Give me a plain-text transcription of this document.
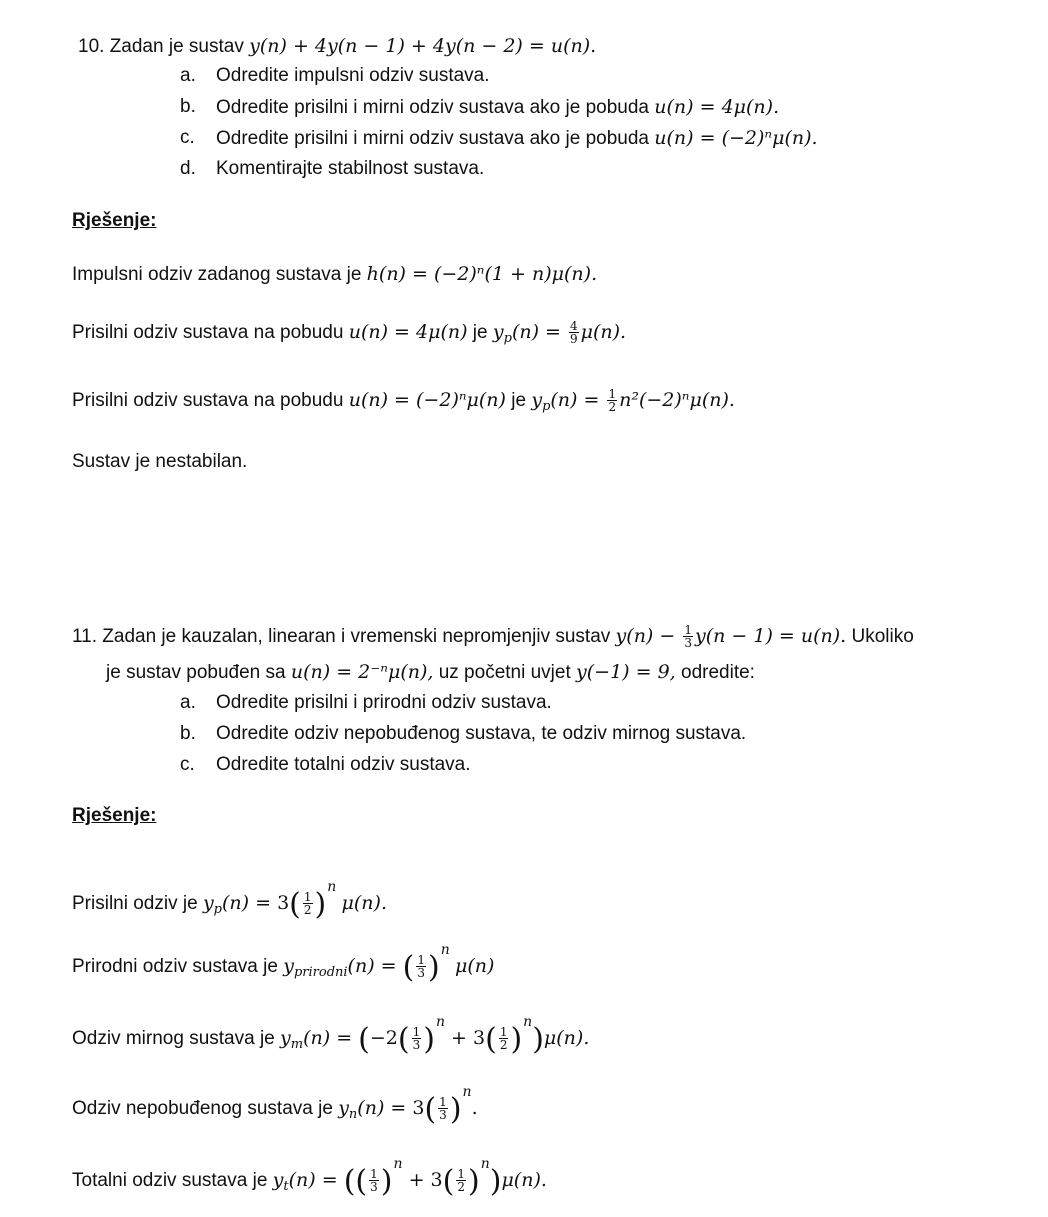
10. Zadan je sustav y(n) + 4y(n − 1) + 4y(n − 2) = u(n).
a. Odredite impulsni odziv sustava.
b. Odredite prisilni i mirni odziv sustava ako je pobuda u(n) = 4μ(n).
c. Odredite prisilni i mirni odziv sustava ako je pobuda u(n) = (−2)ⁿμ(n).
d. Komentirajte stabilnost sustava.
Rješenje:
Impulsni odziv zadanog sustava je h(n) = (−2)ⁿ(1 + n)μ(n).
Prisilni odziv sustava na pobudu u(n) = 4μ(n) je $y_p(n) = \frac{4}{9} \mu(n)$.
Prisilni odziv sustava na pobudu u(n) = (−2)ⁿμ(n) je $y_p(n) = \frac{1}{2} n^2(-2)^n\mu(n)$.
Sustav je nestabilan.
11. Zadan je kauzalan, linearan i vremenski nepromjenjiv sustav $y(n) - \frac{1}{3} y(n - 1) = u(n)$. Ukoliko
je sustav pobuđen sa u(n) = 2⁻ⁿμ(n), uz početni uvjet y(−1) = 9, odredite:
a. Odredite prisilni i prirodni odziv sustava.
b. Odredite odziv nepobuđenog sustava, te odziv mirnog sustava.
c. Odredite totalni odziv sustava.
Rješenje:
Prisilni odziv je $y_p(n) = 3( \frac{1}{2} )^n$ μ(n).
Prirodni odziv sustava je $y_{prirodni}(n)$ = ( $\frac{1}{3} )^n$ μ(n)
Odziv mirnog sustava je $y_m(n) = (-2( \frac{1}{3} )^n + 3( \frac{1}{2} )^n)\mu(n)$.
Odziv nepobuđenog sustava je $y_n(n) = 3( \frac{1}{3} )^n$.
Totalni odziv sustava je $y_t(n)$ = (( $\frac{1}{3} )^n + 3( \frac{1}{2} )^n)\mu(n)$.
